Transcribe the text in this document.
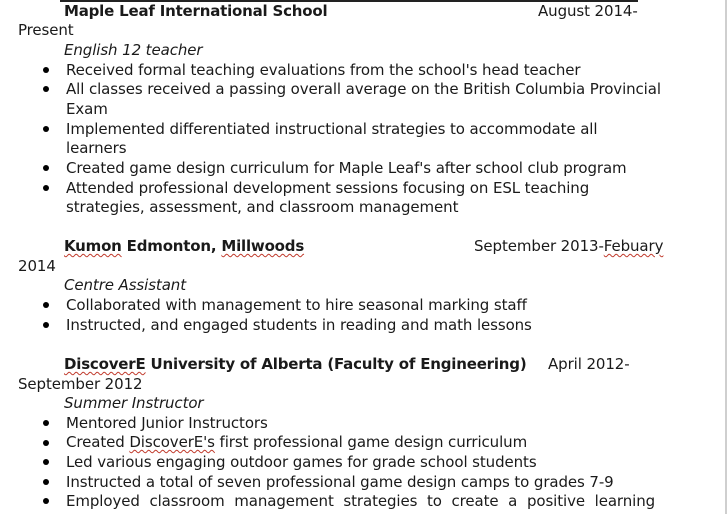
Maple Leaf International School	August 2014-
Present
English 12 teacher
Received formal teaching evaluations from the school's head teacher
All classes received a passing overall average on the British Columbia Provincial
Exam
Implemented differentiated instructional strategies to accommodate all
learners
Created game design curriculum for Maple Leaf's after school club program
Attended professional development sessions focusing on ESL teaching
strategies, assessment, and classroom management
Kumon Edmonton, Millwoods	September 2013-Febuary
2014
Centre Assistant
Collaborated with management to hire seasonal marking staff
Instructed, and engaged students in reading and math lessons
DiscoverE University of Alberta (Faculty of Engineering) April 2012-
September 2012
Summer Instructor
Mentored Junior Instructors
Created DiscoverE's first professional game design curriculum
Led various engaging outdoor games for grade school students
Instructed a total of seven professional game design camps to grades 7-9
Employed classroom management strategies to create a positive learning
